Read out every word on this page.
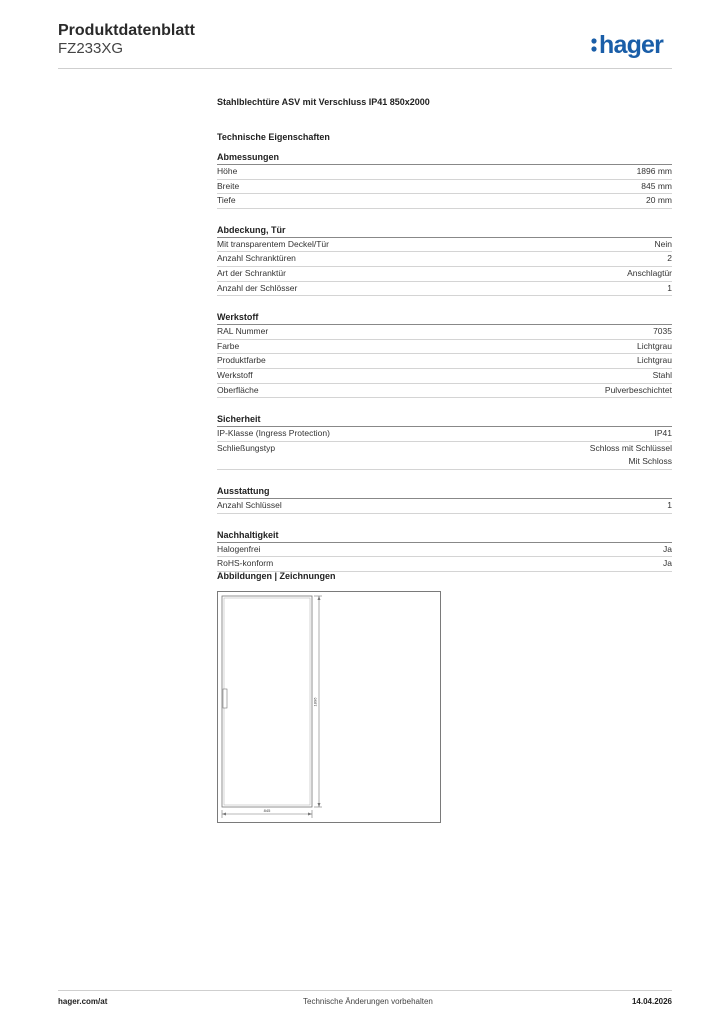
Produktdatenblatt
FZ233XG	hager
Stahlblechtüre ASV mit Verschluss IP41 850x2000
Technische Eigenschaften
Abmessungen
Höhe	1896 mm
Breite	845 mm
Tiefe	20 mm
Abdeckung, Tür
Mit transparentem Deckel/Tür	Nein
Anzahl Schranktüren	2
Art der Schranktür	Anschlagtür
Anzahl der Schlösser	1
Werkstoff
RAL Nummer	7035
Farbe	Lichtgrau
Produktfarbe	Lichtgrau
Werkstoff	Stahl
Oberfläche	Pulverbeschichtet
Sicherheit
IP-Klasse (Ingress Protection)	IP41
Schließungstyp	Schloss mit Schlüssel
Mit Schloss
Ausstattung
Anzahl Schlüssel	1
Nachhaltigkeit
Halogenfrei	Ja
RoHS-konform	Ja
Abbildungen | Zeichnungen
1896
845
hager.com/at	Technische Änderungen vorbehalten	14.04.2026
